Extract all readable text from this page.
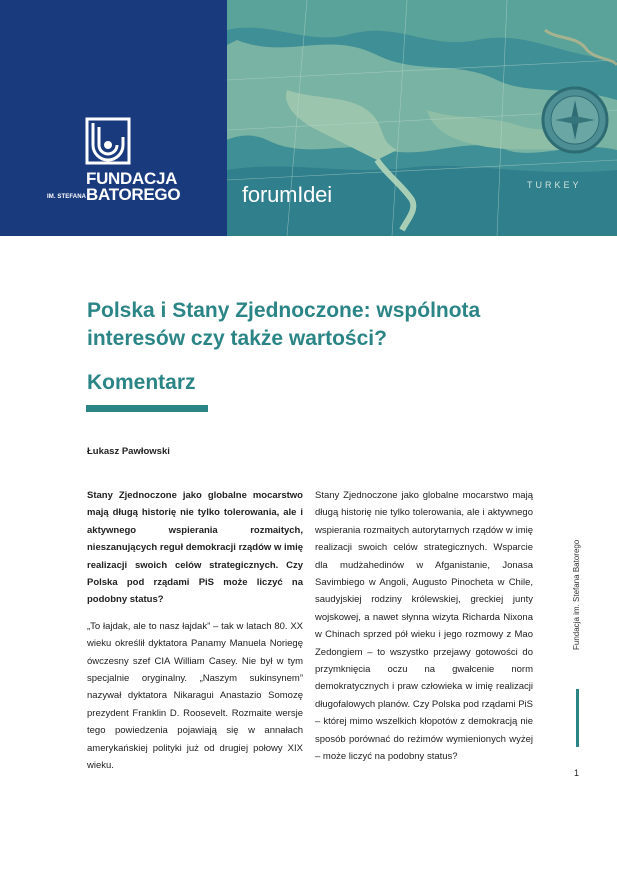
FUNDACJA
IM. STEFANA BATOREGO	TURKEY
forumIdei
Polska i Stany Zjednoczone: wspólnota interesów czy także wartości?
Komentarz
Łukasz Pawłowski

Stany Zjednoczone jako globalne mocarstwo mają długą historię nie tylko tolerowania, ale i aktywnego wspierania rozmaitych, nieszanujących reguł demokracji rządów w imię realizacji swoich celów strategicznych. Czy Polska pod rządami PiS może liczyć na podobny status?

„To łajdak, ale to nasz łajdak” – tak w latach 80. XX wieku określił dyktatora Panamy Manuela Noriegę ówczesny szef CIA William Casey. Nie był w tym specjalnie oryginalny. „Naszym sukinsynem” nazywał dyktatora Nikaragui Anastazio Somozę prezydent Franklin D. Roosevelt. Rozmaite wersje tego powiedzenia pojawiają się w annałach amerykańskiej polityki już od drugiej połowy XIX wieku.

Stany Zjednoczone jako globalne mocarstwo mają długą historię nie tylko tolerowania, ale i aktywnego wspierania rozmaitych autorytarnych rządów w imię realizacji swoich celów strategicznych. Wsparcie dla mudżahedinów w Afganistanie, Jonasa Savimbiego w Angoli, Augusto Pinocheta w Chile, saudyjskiej rodziny królewskiej, greckiej junty wojskowej, a nawet słynna wizyta Richarda Nixona w Chinach sprzed pół wieku i jego rozmowy z Mao Zedongiem – to wszystko przejawy gotowości do przymknięcia oczu na gwałcenie norm demokratycznych i praw człowieka w imię realizacji długofalowych planów. Czy Polska pod rządami PiS – której mimo wszelkich kłopotów z demokracją nie sposób porównać do reżimów wymienionych wyżej – może liczyć na podobny status?

Fundacja im. Stefana Batorego
1
